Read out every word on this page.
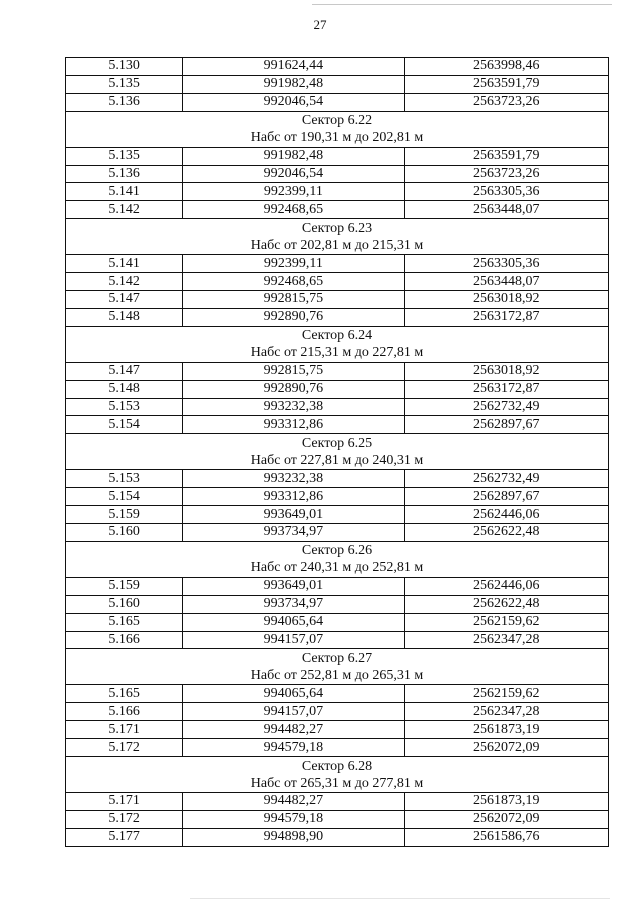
27
5.130	991624,44	2563998,46
5.135	991982,48	2563591,79
5.136	992046,54	2563723,26

Сектор 6.22
Набс от 190,31 м до 202,81 м		

5.135	991982,48	2563591,79
5.136	992046,54	2563723,26
5.141	992399,11	2563305,36
5.142	992468,65	2563448,07

Сектор 6.23
Набс от 202,81 м до 215,31 м		

5.141	992399,11	2563305,36
5.142	992468,65	2563448,07
5.147	992815,75	2563018,92
5.148	992890,76	2563172,87

Сектор 6.24
Набс от 215,31 м до 227,81 м		

5.147	992815,75	2563018,92
5.148	992890,76	2563172,87
5.153	993232,38	2562732,49
5.154	993312,86	2562897,67

Сектор 6.25
Набс от 227,81 м до 240,31 м		

5.153	993232,38	2562732,49
5.154	993312,86	2562897,67
5.159	993649,01	2562446,06
5.160	993734,97	2562622,48

Сектор 6.26
Набс от 240,31 м до 252,81 м		

5.159	993649,01	2562446,06
5.160	993734,97	2562622,48
5.165	994065,64	2562159,62
5.166	994157,07	2562347,28

Сектор 6.27
Набс от 252,81 м до 265,31 м		

5.165	994065,64	2562159,62
5.166	994157,07	2562347,28
5.171	994482,27	2561873,19
5.172	994579,18	2562072,09

Сектор 6.28
Набс от 265,31 м до 277,81 м		

5.171	994482,27	2561873,19
5.172	994579,18	2562072,09
5.177	994898,90	2561586,76
